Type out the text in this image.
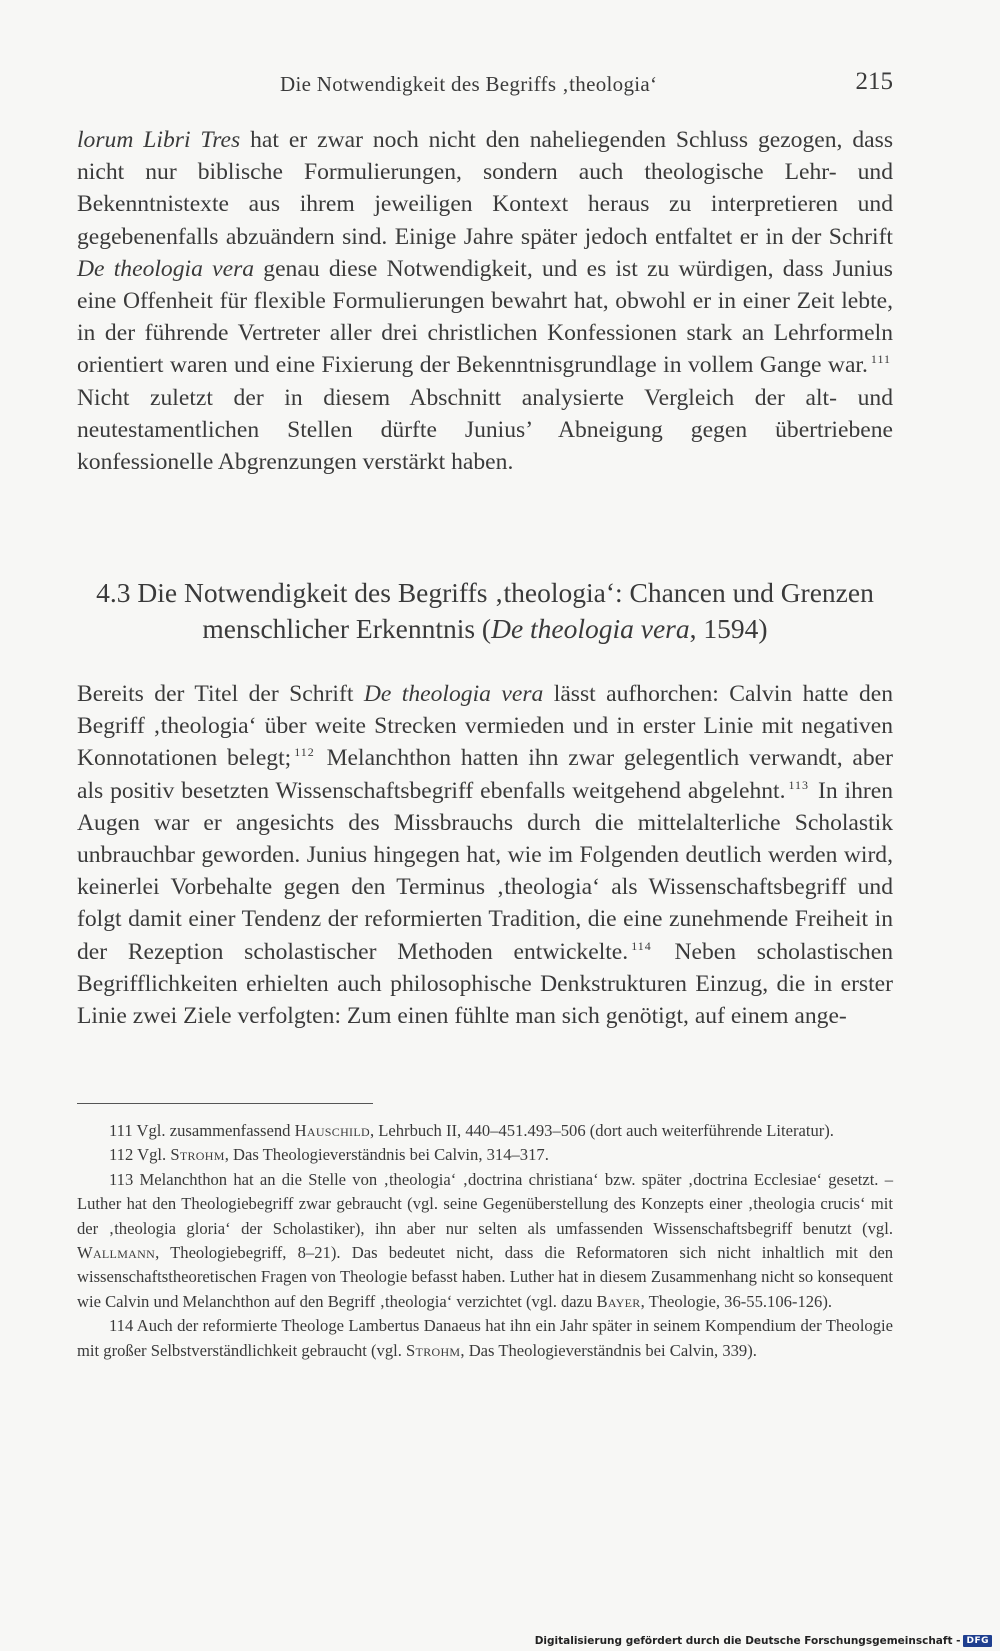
Die Notwendigkeit des Begriffs ‚theologia‘	215

lorum Libri Tres hat er zwar noch nicht den naheliegenden Schluss gezogen, dass nicht nur biblische Formulierungen, sondern auch theologische Lehr- und Bekenntnistexte aus ihrem jeweiligen Kontext heraus zu interpretieren und gegebenenfalls abzuändern sind. Einige Jahre später jedoch entfaltet er in der Schrift De theologia vera genau diese Notwendigkeit, und es ist zu würdigen, dass Junius eine Offenheit für flexible Formulierungen bewahrt hat, obwohl er in einer Zeit lebte, in der führende Vertreter aller drei christlichen Konfessionen stark an Lehrformeln orientiert waren und eine Fixierung der Bekenntnisgrundlage in vollem Gange war. $^{111}$ Nicht zuletzt der in diesem Abschnitt analysierte Vergleich der alt- und neutestamentlichen Stellen dürfte Junius’ Abneigung gegen übertriebene konfessionelle Abgrenzungen verstärkt haben.

4.3 Die Notwendigkeit des Begriffs ‚theologia‘: Chancen und Grenzen
menschlicher Erkenntnis (De theologia vera, 1594)

Bereits der Titel der Schrift De theologia vera lässt aufhorchen: Calvin hatte den Begriff ‚theologia‘ über weite Strecken vermieden und in erster Linie mit negativen Konnotationen belegt; $^{112}$ Melanchthon hatten ihn zwar gelegentlich verwandt, aber als positiv besetzten Wissenschaftsbegriff ebenfalls weitgehend abgelehnt. $^{113}$ In ihren Augen war er angesichts des Missbrauchs durch die mittelalterliche Scholastik unbrauchbar geworden. Junius hingegen hat, wie im Folgenden deutlich werden wird, keinerlei Vorbehalte gegen den Terminus ‚theologia‘ als Wissenschaftsbegriff und folgt damit einer Tendenz der reformierten Tradition, die eine zunehmende Freiheit in der Rezeption scholastischer Methoden entwickelte. $^{114}$ Neben scholastischen Begrifflichkeiten erhielten auch philosophische Denkstrukturen Einzug, die in erster Linie zwei Ziele verfolgten: Zum einen fühlte man sich genötigt, auf einem ange-

111 Vgl. zusammenfassend Hauschild, Lehrbuch II, 440–451.493–506 (dort auch weiterführende Literatur).

112 Vgl. Strohm, Das Theologieverständnis bei Calvin, 314–317.

113 Melanchthon hat an die Stelle von ‚theologia‘ ‚doctrina christiana‘ bzw. später ‚doctrina Ecclesiae‘ gesetzt. – Luther hat den Theologiebegriff zwar gebraucht (vgl. seine Gegenüberstellung des Konzepts einer ‚theologia crucis‘ mit der ‚theologia gloria‘ der Scholastiker), ihn aber nur selten als umfassenden Wissenschaftsbegriff benutzt (vgl. Wallmann, Theologiebegriff, 8–21). Das bedeutet nicht, dass die Reformatoren sich nicht inhaltlich mit den wissenschaftstheoretischen Fragen von Theologie befasst haben. Luther hat in diesem Zusammenhang nicht so konsequent wie Calvin und Melanchthon auf den Begriff ‚theologia‘ verzichtet (vgl. dazu Bayer, Theologie, 36-55.106-126).

114 Auch der reformierte Theologe Lambertus Danaeus hat ihn ein Jahr später in seinem Kompendium der Theologie mit großer Selbstverständlichkeit gebraucht (vgl. Strohm, Das Theologieverständnis bei Calvin, 339).

Digitalisierung gefördert durch die Deutsche Forschungsgemeinschaft - DFG
